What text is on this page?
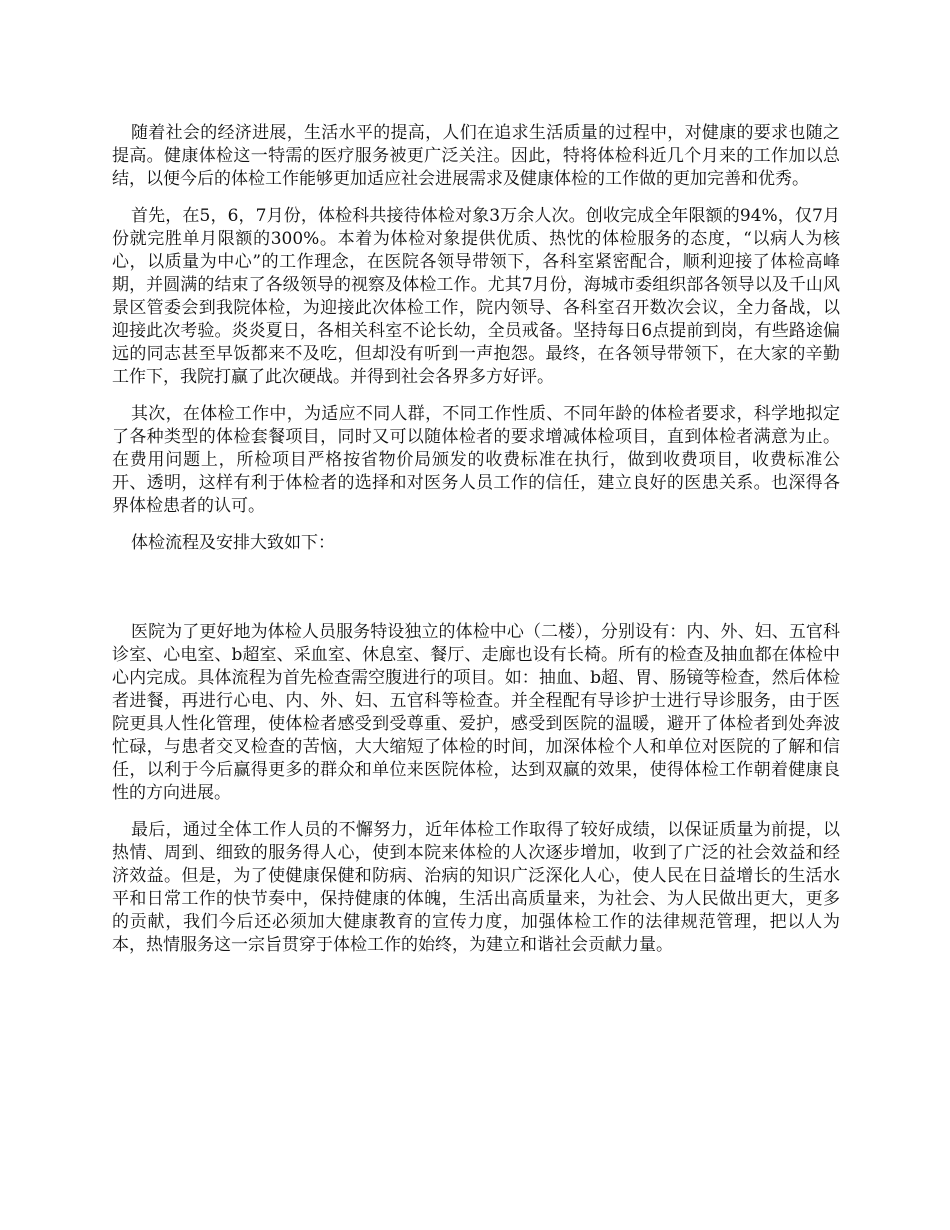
随着社会的经济进展，生活水平的提高，人们在追求生活质量的过程中，对健康的要求也随之提高。健康体检这一特需的医疗服务被更广泛关注。因此，特将体检科近几个月来的工作加以总结，以便今后的体检工作能够更加适应社会进展需求及健康体检的工作做的更加完善和优秀。

首先，在5，6，7月份，体检科共接待体检对象3万余人次。创收完成全年限额的94%，仅7月份就完胜单月限额的300%。本着为体检对象提供优质、热忱的体检服务的态度，“以病人为核心，以质量为中心”的工作理念，在医院各领导带领下，各科室紧密配合，顺利迎接了体检高峰期，并圆满的结束了各级领导的视察及体检工作。尤其7月份，海城市委组织部各领导以及千山风景区管委会到我院体检，为迎接此次体检工作，院内领导、各科室召开数次会议，全力备战，以迎接此次考验。炎炎夏日，各相关科室不论长幼，全员戒备。坚持每日6点提前到岗，有些路途偏远的同志甚至早饭都来不及吃，但却没有听到一声抱怨。最终，在各领导带领下，在大家的辛勤工作下，我院打赢了此次硬战。并得到社会各界多方好评。

其次，在体检工作中，为适应不同人群，不同工作性质、不同年龄的体检者要求，科学地拟定了各种类型的体检套餐项目，同时又可以随体检者的要求增减体检项目，直到体检者满意为止。在费用问题上，所检项目严格按省物价局颁发的收费标准在执行，做到收费项目，收费标准公开、透明，这样有利于体检者的选择和对医务人员工作的信任，建立良好的医患关系。也深得各界体检患者的认可。

体检流程及安排大致如下：

医院为了更好地为体检人员服务特设独立的体检中心（二楼），分别设有：内、外、妇、五官科诊室、心电室、b超室、采血室、休息室、餐厅、走廊也设有长椅。所有的检查及抽血都在体检中心内完成。具体流程为首先检查需空腹进行的项目。如：抽血、b超、胃、肠镜等检查，然后体检者进餐，再进行心电、内、外、妇、五官科等检查。并全程配有导诊护士进行导诊服务，由于医院更具人性化管理，使体检者感受到受尊重、爱护，感受到医院的温暖，避开了体检者到处奔波忙碌，与患者交叉检查的苦恼，大大缩短了体检的时间，加深体检个人和单位对医院的了解和信任，以利于今后赢得更多的群众和单位来医院体检，达到双赢的效果，使得体检工作朝着健康良性的方向进展。

最后，通过全体工作人员的不懈努力，近年体检工作取得了较好成绩，以保证质量为前提，以热情、周到、细致的服务得人心，使到本院来体检的人次逐步增加，收到了广泛的社会效益和经济效益。但是，为了使健康保健和防病、治病的知识广泛深化人心，使人民在日益增长的生活水平和日常工作的快节奏中，保持健康的体魄，生活出高质量来，为社会、为人民做出更大，更多的贡献，我们今后还必须加大健康教育的宣传力度，加强体检工作的法律规范管理，把以人为本，热情服务这一宗旨贯穿于体检工作的始终，为建立和谐社会贡献力量。
